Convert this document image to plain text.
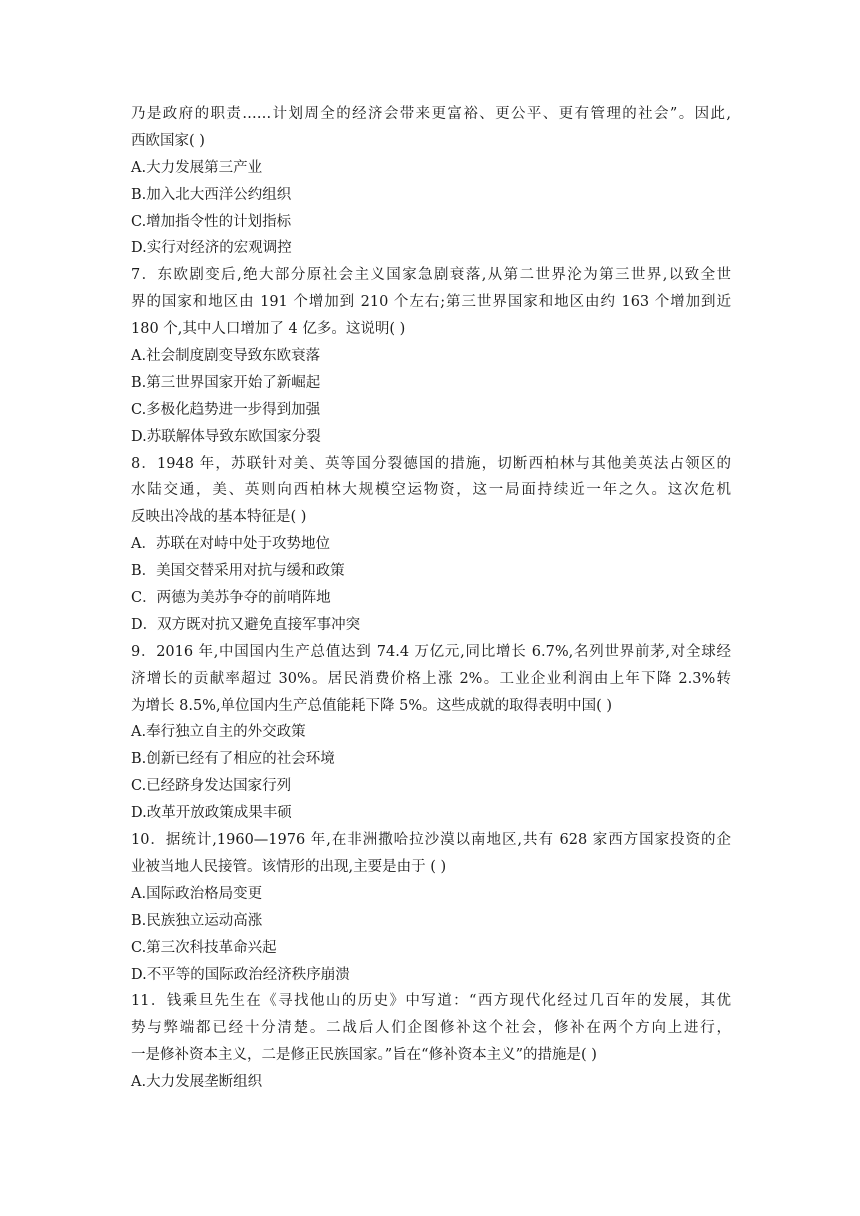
乃是政府的职责……计划周全的经济会带来更富裕、更公平、更有管理的社会”。因此,
西欧国家( )
A.大力发展第三产业
B.加入北大西洋公约组织
C.增加指令性的计划指标
D.实行对经济的宏观调控
7．东欧剧变后,绝大部分原社会主义国家急剧衰落,从第二世界沦为第三世界,以致全世
界的国家和地区由 191 个增加到 210 个左右;第三世界国家和地区由约 163 个增加到近
180 个,其中人口增加了 4 亿多。这说明( )
A.社会制度剧变导致东欧衰落
B.第三世界国家开始了新崛起
C.多极化趋势进一步得到加强
D.苏联解体导致东欧国家分裂
8．1948 年，苏联针对美、英等国分裂德国的措施，切断西柏林与其他美英法占领区的
水陆交通，美、英则向西柏林大规模空运物资，这一局面持续近一年之久。这次危机
反映出冷战的基本特征是( )
A．苏联在对峙中处于攻势地位
B．美国交替采用对抗与缓和政策
C．两德为美苏争夺的前哨阵地
D．双方既对抗又避免直接军事冲突
9．2016 年,中国国内生产总值达到 74.4 万亿元,同比增长 6.7%,名列世界前茅,对全球经
济增长的贡献率超过 30%。居民消费价格上涨 2%。工业企业利润由上年下降 2.3%转
为增长 8.5%,单位国内生产总值能耗下降 5%。这些成就的取得表明中国( )
A.奉行独立自主的外交政策
B.创新已经有了相应的社会环境
C.已经跻身发达国家行列
D.改革开放政策成果丰硕
10．据统计,1960—1976 年,在非洲撒哈拉沙漠以南地区,共有 628 家西方国家投资的企
业被当地人民接管。该情形的出现,主要是由于 ( )
A.国际政治格局变更
B.民族独立运动高涨
C.第三次科技革命兴起
D.不平等的国际政治经济秩序崩溃
11．钱乘旦先生在《寻找他山的历史》中写道：“西方现代化经过几百年的发展，其优
势与弊端都已经十分清楚。二战后人们企图修补这个社会，修补在两个方向上进行，
一是修补资本主义，二是修正民族国家。”旨在“修补资本主义”的措施是( )
A.大力发展垄断组织
